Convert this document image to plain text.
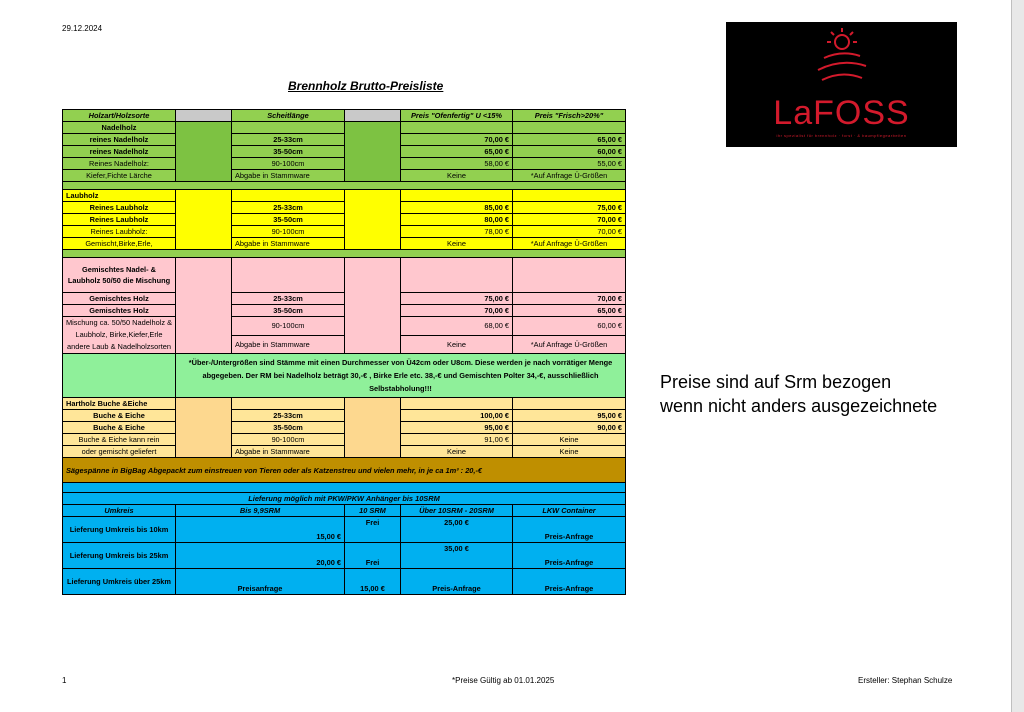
29.12.2024
Brennholz Brutto-Preisliste
LaFOSS
ihr spezialist für brennholz · forst · & baumpflegearbeiten
Preise sind auf Srm bezogen
wenn nicht anders ausgezeichnete
Holzart/Holzsorte		Scheitlänge		Preis "Ofenfertig" U <15%	Preis "Frisch>20%"
Nadelholz					
reines Nadelholz		25-33cm		70,00 €	65,00 €
reines Nadelholz		35-50cm		65,00 €	60,00 €
Reines Nadelholz:		90-100cm		58,00 €	55,00 €
Kiefer,Fichte Lärche		Abgabe in Stammware		Keine	*Auf Anfrage Ü-Größen

Laubholz					
Reines Laubholz		25-33cm		85,00 €	75,00 €
Reines Laubholz		35-50cm		80,00 €	70,00 €
Reines Laubholz:		90-100cm		78,00 €	70,00 €
Gemischt,Birke,Erle,		Abgabe in Stammware		Keine	*Auf Anfrage Ü-Größen

Gemischtes Nadel- & Laubholz 50/50 die Mischung					
Gemischtes Holz		25-33cm		75,00 €	70,00 €
Gemischtes Holz		35-50cm		70,00 €	65,00 €
Mischung ca. 50/50 Nadelholz & Laubholz, Birke,Kiefer,Erle andere Laub & Nadelholzsorten		90-100cm		68,00 €	60,00 €
		Abgabe in Stammware		Keine	*Auf Anfrage Ü-Größen
	*Über-/Untergrößen sind Stämme mit einen Durchmesser von Ü42cm oder U8cm. Diese werden je nach vorrätiger Menge abgegeben. Der RM bei Nadelholz beträgt 30,-€ , Birke Erle etc. 38,-€ und Gemischten Polter 34,-€, ausschließlich Selbstabholung!!!				
Hartholz Buche &Eiche					
Buche & Eiche		25-33cm		100,00 €	95,00 €
Buche & Eiche		35-50cm		95,00 €	90,00 €
Buche & Eiche kann rein		90-100cm		91,00 €	Keine
oder gemischt geliefert		Abgabe in Stammware		Keine	Keine
Sägespänne in BigBag Abgepackt zum einstreuen von Tieren oder als Katzenstreu und vielen mehr, in je ca 1m³ : 20,-€					

Lieferung möglich mit PKW/PKW Anhänger bis 10SRM					
Umkreis	Bis 9,9SRM		10 SRM	Über 10SRM - 20SRM	LKW Container
Lieferung Umkreis bis 10km	15,00 €		Frei	25,00 €	Preis-Anfrage
Lieferung Umkreis bis 25km	20,00 €		Frei	35,00 €	Preis-Anfrage
Lieferung Umkreis über 25km	Preisanfrage		15,00 €	Preis-Anfrage	Preis-Anfrage
1	*Preise Gültig ab 01.01.2025	Ersteller: Stephan Schulze
